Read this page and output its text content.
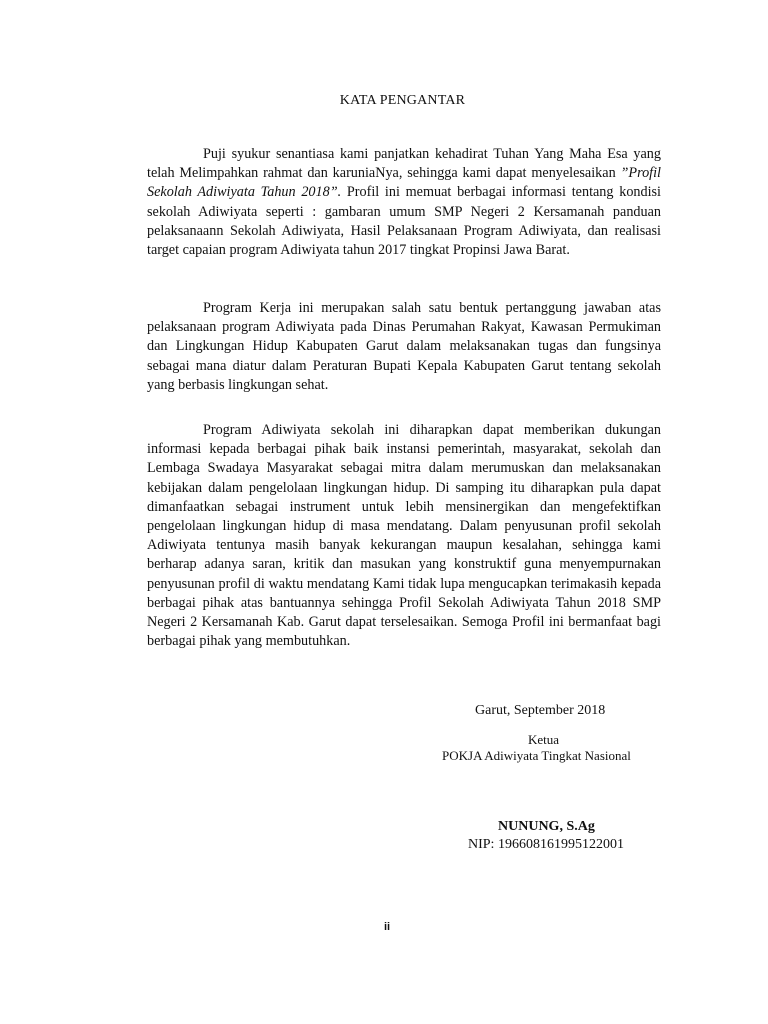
KATA PENGANTAR

Puji syukur senantiasa kami panjatkan kehadirat Tuhan Yang Maha Esa yang telah Melimpahkan rahmat dan karuniaNya, sehingga kami dapat menyelesaikan ”Profil Sekolah Adiwiyata Tahun 2018”. Profil ini memuat berbagai informasi tentang kondisi sekolah Adiwiyata seperti : gambaran umum SMP Negeri 2 Kersamanah panduan pelaksanaann Sekolah Adiwiyata, Hasil Pelaksanaan Program Adiwiyata, dan realisasi target capaian program Adiwiyata tahun 2017 tingkat Propinsi Jawa Barat.

Program Kerja ini merupakan salah satu bentuk pertanggung jawaban atas pelaksanaan program Adiwiyata pada Dinas Perumahan Rakyat, Kawasan Permukiman dan Lingkungan Hidup Kabupaten Garut dalam melaksanakan tugas dan fungsinya sebagai mana diatur dalam Peraturan Bupati Kepala Kabupaten Garut tentang sekolah yang berbasis lingkungan sehat.

Program Adiwiyata sekolah ini diharapkan dapat memberikan dukungan informasi kepada berbagai pihak baik instansi pemerintah, masyarakat, sekolah dan Lembaga Swadaya Masyarakat sebagai mitra dalam merumuskan dan melaksanakan kebijakan dalam pengelolaan lingkungan hidup. Di samping itu diharapkan pula dapat dimanfaatkan sebagai instrument untuk lebih mensinergikan dan mengefektifkan pengelolaan lingkungan hidup di masa mendatang. Dalam penyusunan profil sekolah Adiwiyata tentunya masih banyak kekurangan maupun kesalahan, sehingga kami berharap adanya saran, kritik dan masukan yang konstruktif guna menyempurnakan penyusunan profil di waktu mendatang Kami tidak lupa mengucapkan terimakasih kepada berbagai pihak atas bantuannya sehingga Profil Sekolah Adiwiyata Tahun 2018 SMP Negeri 2 Kersamanah Kab. Garut dapat terselesaikan. Semoga Profil ini bermanfaat bagi berbagai pihak yang membutuhkan.

Garut, September 2018
Ketua
POKJA Adiwiyata Tingkat Nasional
NUNUNG, S.Ag
NIP: 196608161995122001
ii
